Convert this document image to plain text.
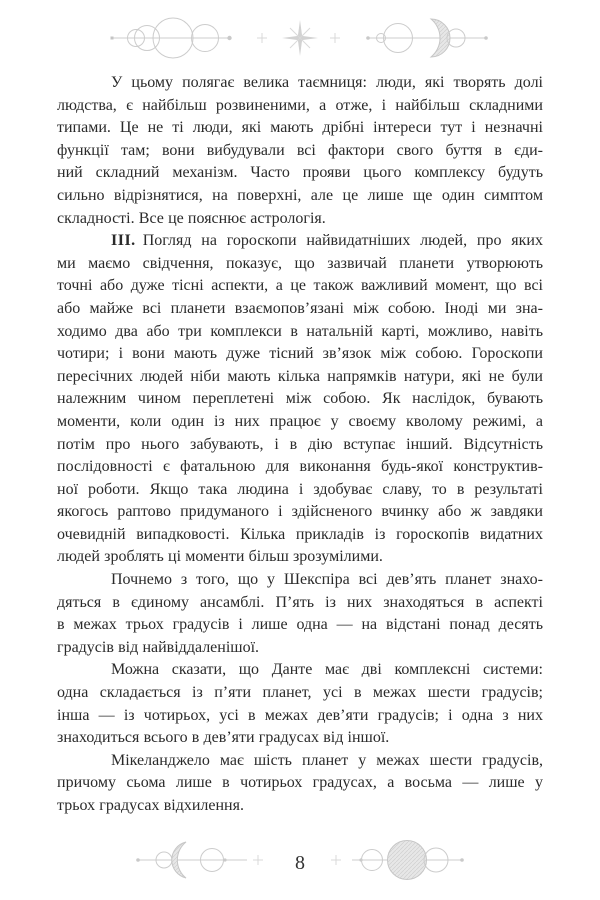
У цьому полягає велика таємниця: люди, які творять долі
людства, є найбільш розвиненими, а отже, і найбільш складними
типами. Це не ті люди, які мають дрібні інтереси тут і незначні
функції там; вони вибудували всі фактори свого буття в єди-
ний складний механізм. Часто прояви цього комплексу будуть
сильно відрізнятися, на поверхні, але це лише ще один симптом
складності. Все це пояснює астрологія.
III. Погляд на гороскопи найвидатніших людей, про яких
ми маємо свідчення, показує, що зазвичай планети утворюють
точні або дуже тісні аспекти, а це також важливий момент, що всі
або майже всі планети взаємопов’язані між собою. Іноді ми зна-
ходимо два або три комплекси в натальній карті, можливо, навіть
чотири; і вони мають дуже тісний зв’язок між собою. Гороскопи
пересічних людей ніби мають кілька напрямків натури, які не були
належним чином переплетені між собою. Як наслідок, бувають
моменти, коли один із них працює у своєму кволому режимі, а
потім про нього забувають, і в дію вступає інший. Відсутність
послідовності є фатальною для виконання будь-якої конструктив-
ної роботи. Якщо така людина і здобуває славу, то в результаті
якогось раптово придуманого і здійсненого вчинку або ж завдяки
очевидній випадковості. Кілька прикладів із гороскопів видатних
людей зроблять ці моменти більш зрозумілими.
Почнемо з того, що у Шекспіра всі дев’ять планет знахо-
дяться в єдиному ансамблі. П’ять із них знаходяться в аспекті
в межах трьох градусів і лише одна — на відстані понад десять
градусів від найвіддаленішої.
Можна сказати, що Данте має дві комплексні системи:
одна складається із п’яти планет, усі в межах шести градусів;
інша — із чотирьох, усі в межах дев’яти градусів; і одна з них
знаходиться всього в дев’яти градусах від іншої.
Мікеланджело має шість планет у межах шести градусів,
причому сьома лише в чотирьох градусах, а восьма — лише у
трьох градусах відхилення.
8
